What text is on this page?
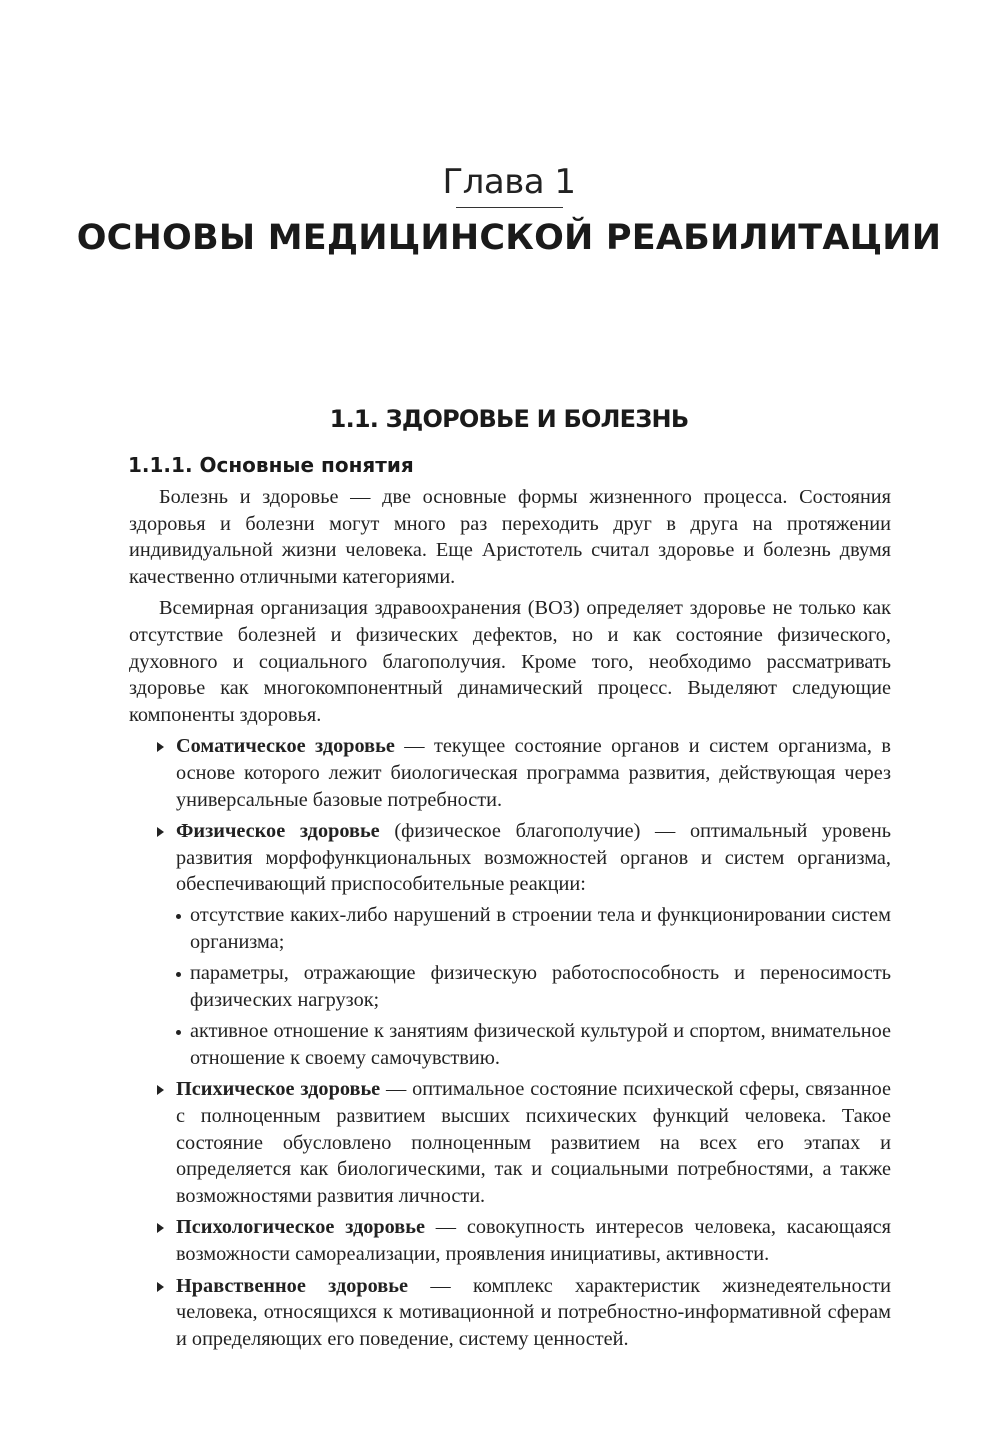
Глава 1
ОСНОВЫ МЕДИЦИНСКОЙ РЕАБИЛИТАЦИИ
1.1. ЗДОРОВЬЕ И БОЛЕЗНЬ
1.1.1. Основные понятия

Болезнь и здоровье — две основные формы жизненного процесса. Состояния здоровья и болезни могут много раз переходить друг в друга на протяжении индивидуальной жизни человека. Еще Аристотель считал здоровье и болезнь двумя качественно отличными категориями.

Всемирная организация здравоохранения (ВОЗ) определяет здоровье не только как отсутствие болезней и физических дефектов, но и как состояние физического, духовного и социального благополучия. Кроме того, необходимо рассматривать здоровье как многокомпонентный динамический процесс. Выделяют следующие компоненты здоровья.

Соматическое здоровье — текущее состояние органов и систем организма, в основе которого лежит биологическая программа развития, действующая через универсальные базовые потребности.
Физическое здоровье (физическое благополучие) — оптимальный уровень развития морфофункциональных возможностей органов и систем организма, обеспечивающий приспособительные реакции:
отсутствие каких-либо нарушений в строении тела и функционировании систем организма;
параметры, отражающие физическую работоспособность и переносимость физических нагрузок;
активное отношение к занятиям физической культурой и спортом, внимательное отношение к своему самочувствию.
Психическое здоровье — оптимальное состояние психической сферы, связанное с полноценным развитием высших психических функций человека. Такое состояние обусловлено полноценным развитием на всех его этапах и определяется как биологическими, так и социальными потребностями, а также возможностями развития личности.
Психологическое здоровье — совокупность интересов человека, касающаяся возможности самореализации, проявления инициативы, активности.
Нравственное здоровье — комплекс характеристик жизнедеятельности человека, относящихся к мотивационной и потребностно-информативной сферам и определяющих его поведение, систему ценностей.
